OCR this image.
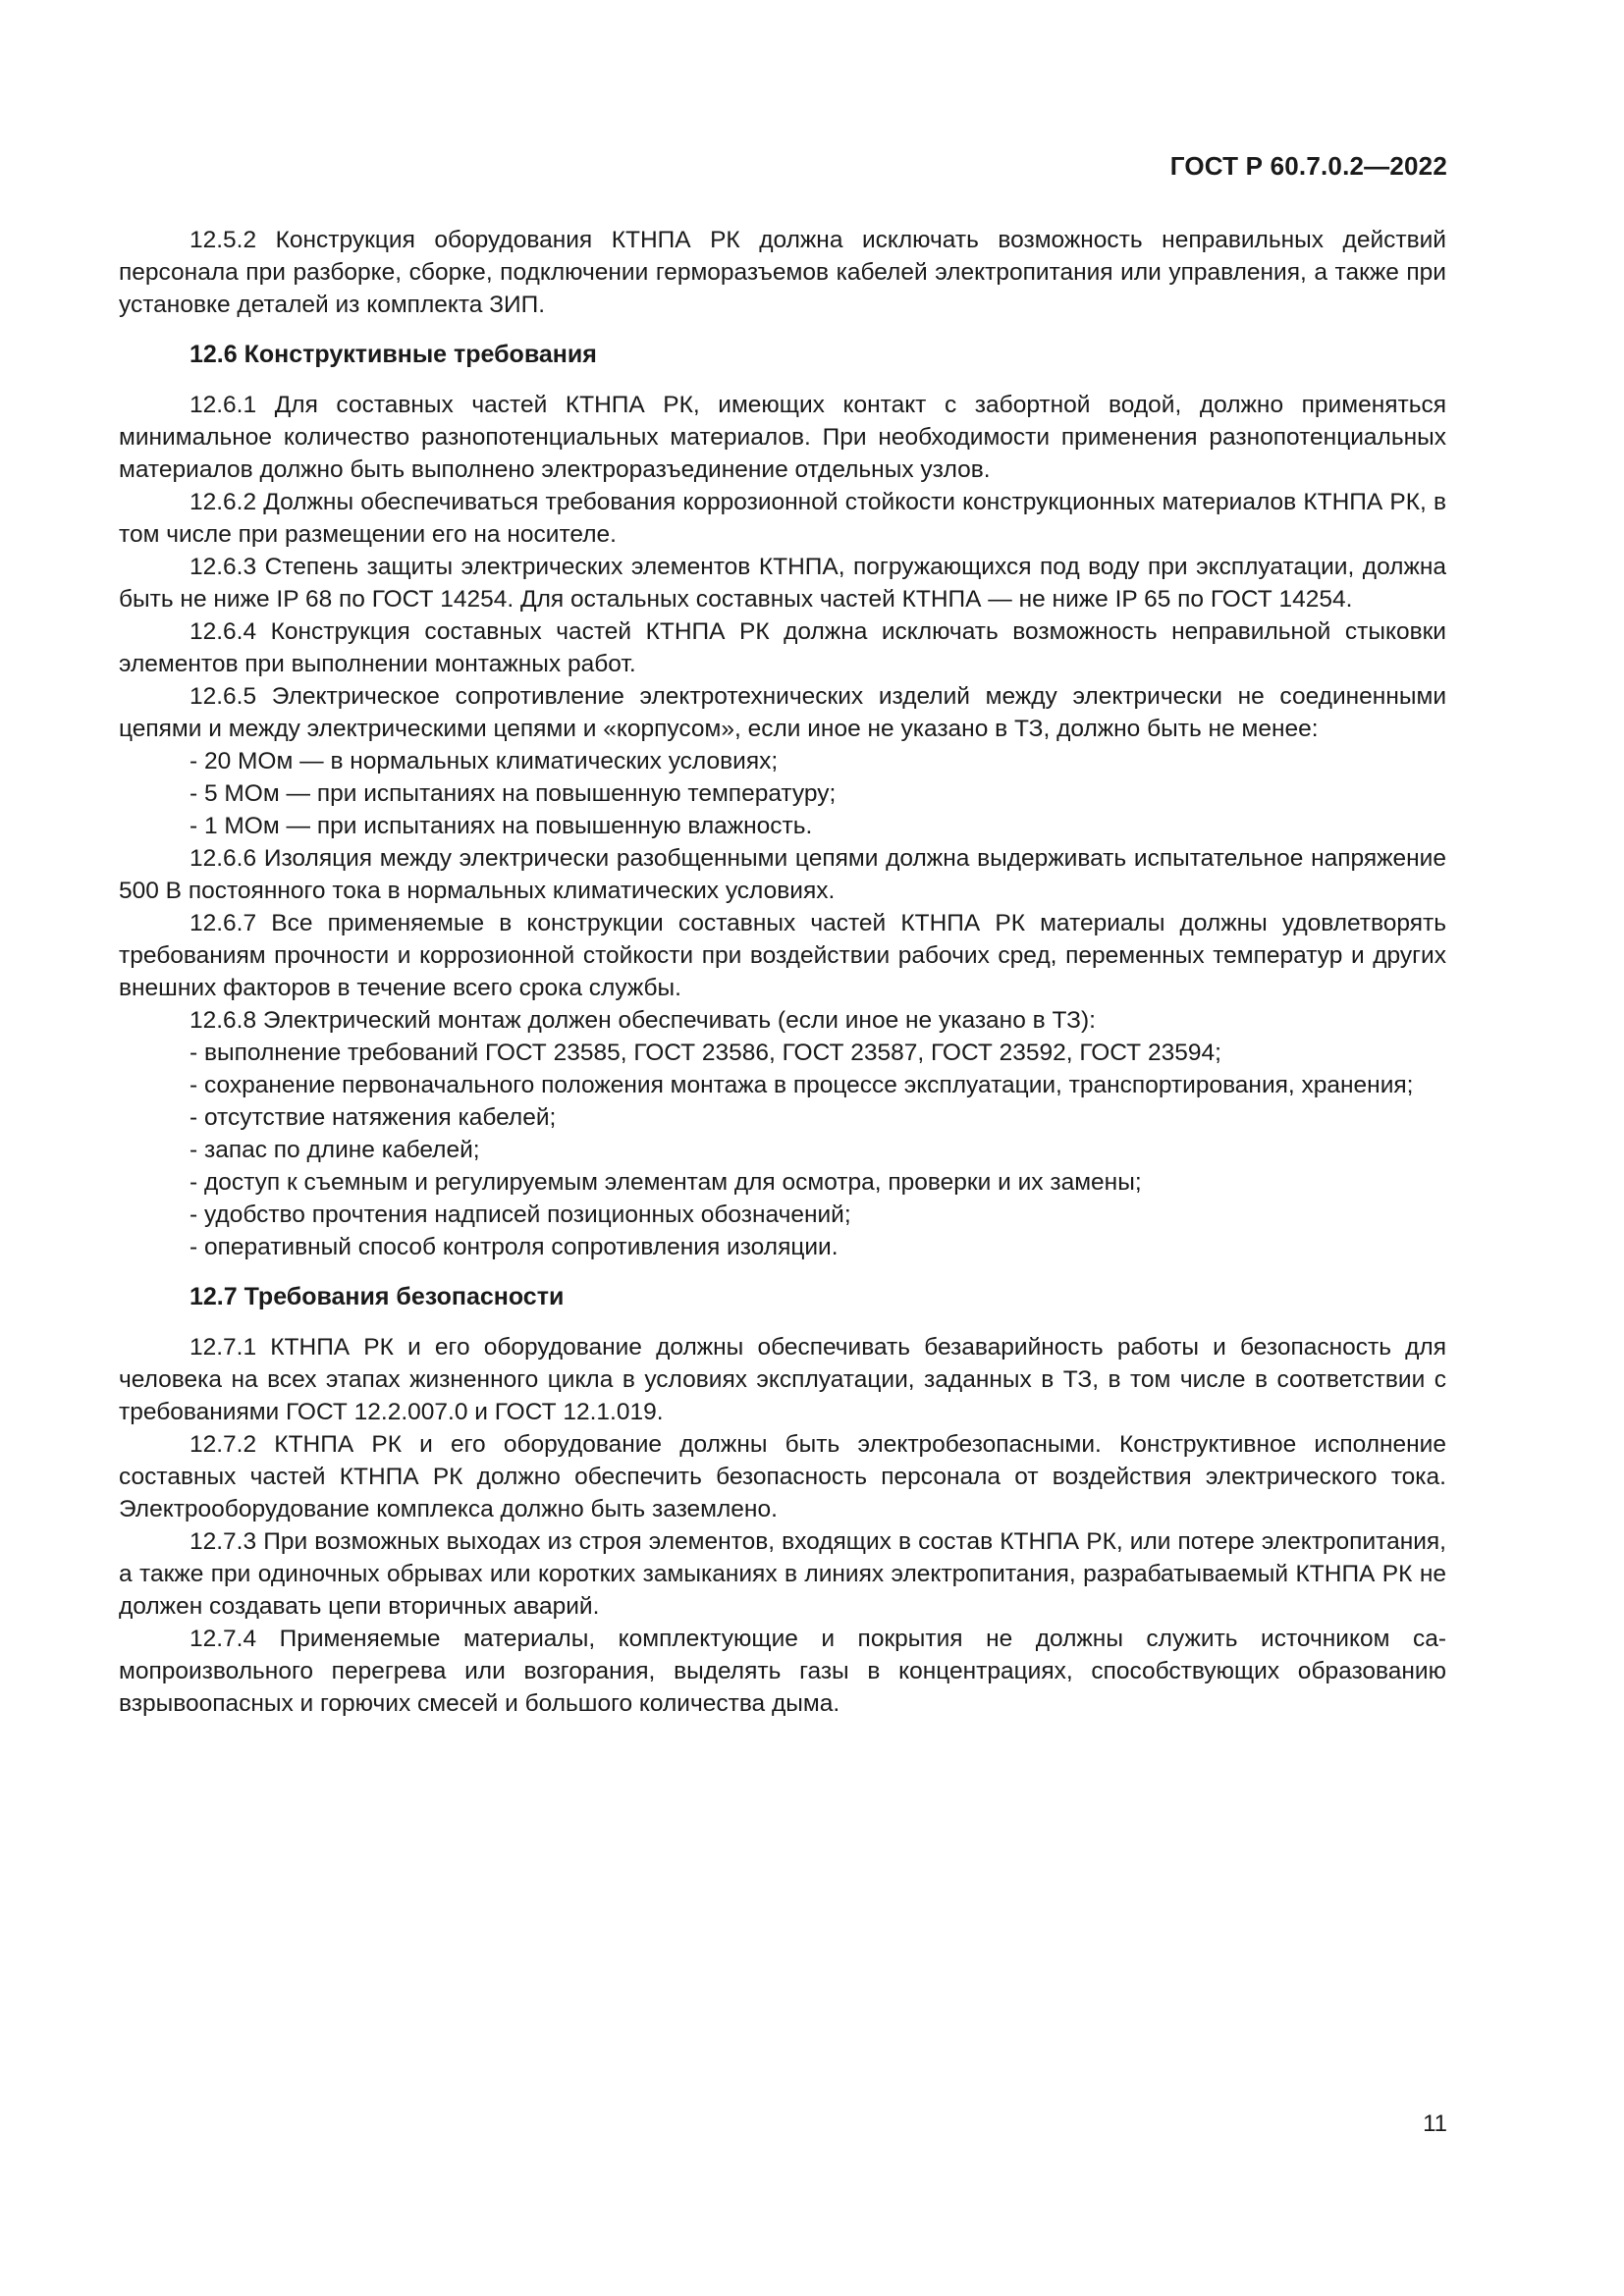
ГОСТ Р 60.7.0.2—2022

12.5.2 Конструкция оборудования КТНПА РК должна исключать возможность неправильных действий персонала при разборке, сборке, подключении герморазъемов кабелей электропитания или управления, а также при установке деталей из комплекта ЗИП.

12.6 Конструктивные требования

12.6.1 Для составных частей КТНПА РК, имеющих контакт с забортной водой, должно применяться минимальное количество разнопотенциальных материалов. При необходимости применения разнопотенциальных материалов должно быть выполнено электроразъединение отдельных узлов.

12.6.2 Должны обеспечиваться требования коррозионной стойкости конструкционных материалов КТНПА РК, в том числе при размещении его на носителе.

12.6.3 Степень защиты электрических элементов КТНПА, погружающихся под воду при эксплуатации, должна быть не ниже IP 68 по ГОСТ 14254. Для остальных составных частей КТНПА — не ниже IP 65 по ГОСТ 14254.

12.6.4 Конструкция составных частей КТНПА РК должна исключать возможность неправильной стыковки элементов при выполнении монтажных работ.

12.6.5 Электрическое сопротивление электротехнических изделий между электрически не соединенными цепями и между электрическими цепями и «корпусом», если иное не указано в ТЗ, должно быть не менее:

- 20 МОм — в нормальных климатических условиях;

- 5 МОм — при испытаниях на повышенную температуру;

- 1 МОм — при испытаниях на повышенную влажность.

12.6.6 Изоляция между электрически разобщенными цепями должна выдерживать испытательное напряжение 500 В постоянного тока в нормальных климатических условиях.

12.6.7 Все применяемые в конструкции составных частей КТНПА РК материалы должны удовлетворять требованиям прочности и коррозионной стойкости при воздействии рабочих сред, переменных температур и других внешних факторов в течение всего срока службы.

12.6.8 Электрический монтаж должен обеспечивать (если иное не указано в ТЗ):

- выполнение требований ГОСТ 23585, ГОСТ 23586, ГОСТ 23587, ГОСТ 23592, ГОСТ 23594;

- сохранение первоначального положения монтажа в процессе эксплуатации, транспортирования, хранения;

- отсутствие натяжения кабелей;

- запас по длине кабелей;

- доступ к съемным и регулируемым элементам для осмотра, проверки и их замены;

- удобство прочтения надписей позиционных обозначений;

- оперативный способ контроля сопротивления изоляции.

12.7 Требования безопасности

12.7.1 КТНПА РК и его оборудование должны обеспечивать безаварийность работы и безопасность для человека на всех этапах жизненного цикла в условиях эксплуатации, заданных в ТЗ, в том числе в соответствии с требованиями ГОСТ 12.2.007.0 и ГОСТ 12.1.019.

12.7.2 КТНПА РК и его оборудование должны быть электробезопасными. Конструктивное исполнение составных частей КТНПА РК должно обеспечить безопасность персонала от воздействия электрического тока. Электрооборудование комплекса должно быть заземлено.

12.7.3 При возможных выходах из строя элементов, входящих в состав КТНПА РК, или потере электропитания, а также при одиночных обрывах или коротких замыканиях в линиях электропитания, разрабатываемый КТНПА РК не должен создавать цепи вторичных аварий.

12.7.4 Применяемые материалы, комплектующие и покрытия не должны служить источником самопроизвольного перегрева или возгорания, выделять газы в концентрациях, способствующих образованию взрывоопасных и горючих смесей и большого количества дыма.

11
